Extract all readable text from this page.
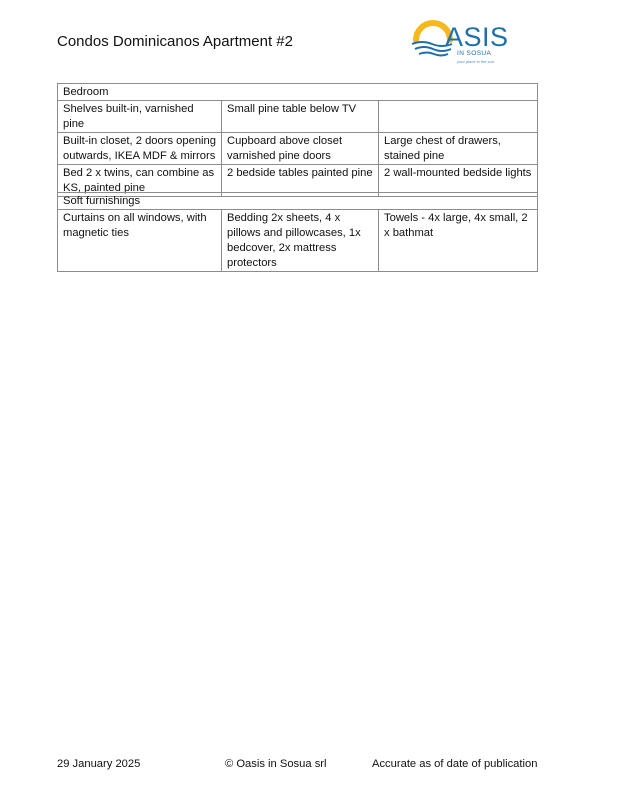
Condos Dominicanos Apartment #2	ASIS
IN SOSUA
your place in the sun
Bedroom		
Shelves built-in, varnished pine	Small pine table below TV	
Built-in closet, 2 doors opening outwards, IKEA MDF & mirrors	Cupboard above closet varnished pine doors	Large chest of drawers, stained pine
Bed 2 x twins, can combine as KS, painted pine	2 bedside tables painted pine	2 wall-mounted bedside lights
Soft furnishings
Curtains on all windows, with magnetic ties	Bedding 2x sheets, 4 x pillows and pillowcases, 1x bedcover, 2x mattress protectors	Towels - 4x large, 4x small, 2 x bathmat
29 January 2025	© Oasis in Sosua srl	Accurate as of date of publication
